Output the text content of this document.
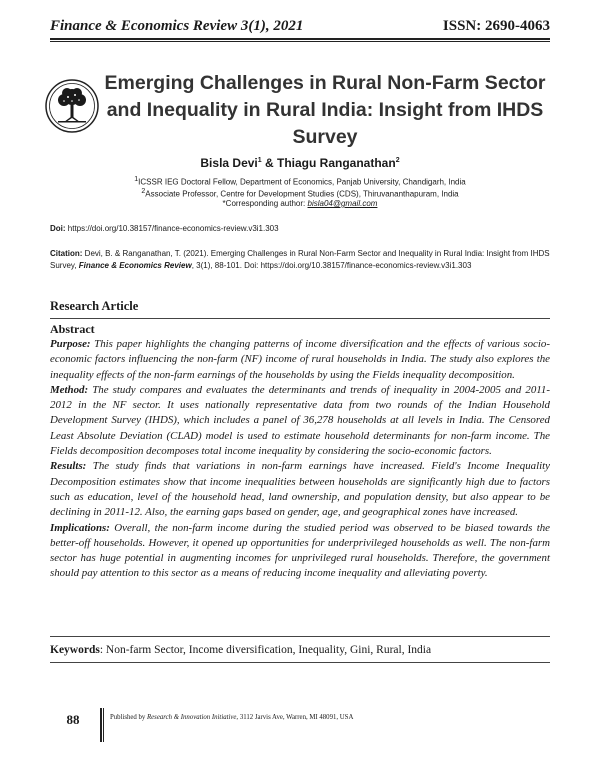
Finance & Economics Review 3(1), 2021	ISSN: 2690-4063
Emerging Challenges in Rural Non-Farm Sector and Inequality in Rural India: Insight from IHDS Survey
Bisla Devi$^1$ & Thiagu Ranganathan$^2$
$^1$ICSSR IEG Doctoral Fellow, Department of Economics, Panjab University, Chandigarh, India
$^2$Associate Professor, Centre for Development Studies (CDS), Thiruvananthapuram, India
*Corresponding author: bisla04@gmail.com
Doi: https://doi.org/10.38157/finance-economics-review.v3i1.303
Citation: Devi, B. & Ranganathan, T. (2021). Emerging Challenges in Rural Non-Farm Sector and Inequality in Rural India: Insight from IHDS Survey, Finance & Economics Review, 3(1), 88-101. Doi: https://doi.org/10.38157/finance-economics-review.v3i1.303
Research Article
Abstract

Purpose: This paper highlights the changing patterns of income diversification and the effects of various socio-economic factors influencing the non-farm (NF) income of rural households in India. The study also explores the inequality effects of the non-farm earnings of the households by using the Fields inequality decomposition.

Method: The study compares and evaluates the determinants and trends of inequality in 2004-2005 and 2011-2012 in the NF sector. It uses nationally representative data from two rounds of the Indian Household Development Survey (IHDS), which includes a panel of 36,278 households at all levels in India. The Censored Least Absolute Deviation (CLAD) model is used to estimate household determinants for non-farm income. The Fields decomposition decomposes total income inequality by considering the socio-economic factors.

Results: The study finds that variations in non-farm earnings have increased. Field's Income Inequality Decomposition estimates show that income inequalities between households are significantly high due to factors such as education, level of the household head, land ownership, and population density, but also appear to be declining in 2011-12. Also, the earning gaps based on gender, age, and geographical zones have increased.

Implications: Overall, the non-farm income during the studied period was observed to be biased towards the better-off households. However, it opened up opportunities for underprivileged households as well. The non-farm sector has huge potential in augmenting incomes for unprivileged rural households. Therefore, the government should pay attention to this sector as a means of reducing income inequality and alleviating poverty.

Keywords: Non-farm Sector, Income diversification, Inequality, Gini, Rural, India
88	Published by Research & Innovation Initiative, 3112 Jarvis Ave, Warren, MI 48091, USA
